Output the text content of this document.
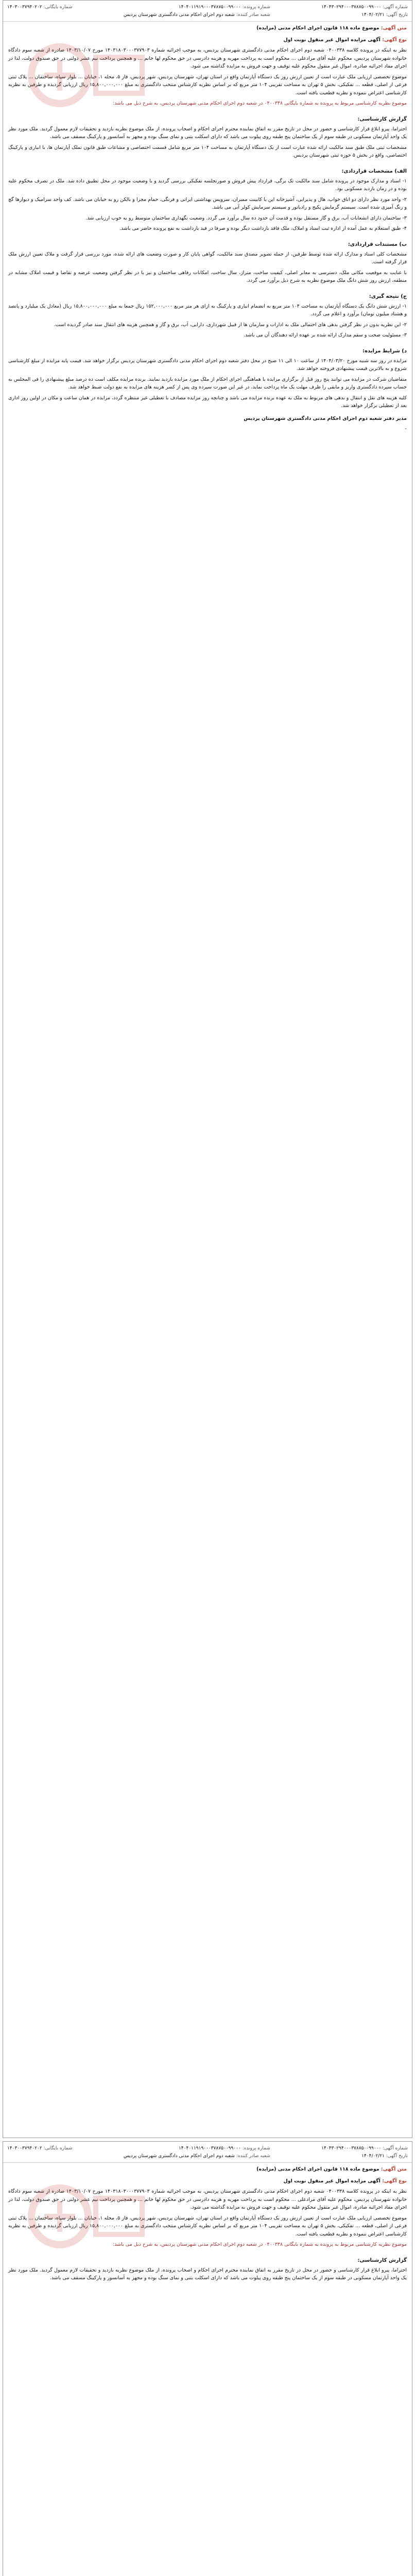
شماره آگهی: ۱۴۰۴۳۰۲۹۴۰۰۰۳۷۸۷۵۰۰۹۹۰۰۰
تاریخ آگهی: ۱۴۰۴/۰۲/۲۱
شماره پرونده: ۱۴۰۴۰۱۱۹۱۹۰۰۰۳۷۸۷۵۰۰۹۹۰۰۰
شعبه صادر کننده: شعبه دوم اجرای احکام مدنی دادگستری شهرستان پردیس
شماره بایگانی: ۱۴۰۳۰۰۳۷۹۴۰۲۰۲
متن آگهی: موضوع ماده ۱۱۸ قانون اجرای احکام مدنی (مزایده)
نوع آگهی: آگهی مزایده اموال غیر منقول نوبت اول

نظر به اینکه در پرونده کلاسه ۰۴۰۰۳۳۸ شعبه دوم اجرای احکام مدنی دادگستری شهرستان پردیس، به موجب اجرائیه شماره ۱۴۰۳۱۸۰۳۰۰۰۳۷۷۹۰۳ مورخ ۱۴۰۳/۱۰/۰۷ صادره از شعبه سوم دادگاه خانواده شهرستان پردیس، محکوم علیه آقای مرادعلی ... محکوم است به پرداخت مهریه و هزینه دادرسی در حق محکوم لها خانم ... و همچنین پرداخت نیم عشر دولتی در حق صندوق دولت، لذا در اجرای مفاد اجرائیه صادره، اموال غیر منقول محکوم علیه توقیف و جهت فروش به مزایده گذاشته می شود.

موضوع تخصصی ارزیابی ملک عبارت است از تعیین ارزش روز یک دستگاه آپارتمان واقع در استان تهران، شهرستان پردیس، شهر پردیس، فاز ۵، محله ۱، خیابان ... بلوار سپاه، ساختمان ... پلاک ثبتی فرعی از اصلی، قطعه ... تفکیکی، بخش ۵ تهران به مساحت تقریبی ۱۰۴ متر مربع که بر اساس نظریه کارشناس منتخب دادگستری به مبلغ ۱۵,۸۰۰,۰۰۰,۰۰۰ ریال ارزیابی گردیده و طرفین به نظریه کارشناسی اعتراض ننموده و نظریه قطعیت یافته است.

موضوع نظریه کارشناسی مربوط به پرونده به شماره بایگانی ۰۴۰۰۳۳۸ در شعبه دوم اجرای احکام مدنی شهرستان پردیس، به شرح ذیل می باشد:

گزارش کارشناسی:

احتراما، پیرو ابلاغ قرار کارشناسی و حضور در محل در تاریخ مقرر به اتفاق نماینده محترم اجرای احکام و اصحاب پرونده، از ملک موضوع نظریه بازدید و تحقیقات لازم معمول گردید. ملک مورد نظر یک واحد آپارتمان مسکونی در طبقه سوم از یک ساختمان پنج طبقه روی پیلوت می باشد که دارای اسکلت بتنی و نمای سنگ بوده و مجهز به آسانسور و پارکینگ مسقف می باشد.

مشخصات ثبتی ملک طبق سند مالکیت ارائه شده عبارت است از یک دستگاه آپارتمان به مساحت ۱۰۴ متر مربع شامل قسمت اختصاصی و مشاعات طبق قانون تملک آپارتمان ها، با انباری و پارکینگ اختصاصی، واقع در بخش ۵ حوزه ثبتی شهرستان پردیس.

الف) مشخصات قراردادی:

۱- اسناد و مدارک موجود در پرونده شامل سند مالکیت تک برگی، قرارداد پیش فروش و صورتجلسه تفکیکی بررسی گردید و با وضعیت موجود در محل تطبیق داده شد. ملک در تصرف محکوم علیه بوده و در زمان بازدید مسکونی بود.

۲- واحد مورد نظر دارای دو اتاق خواب، هال و پذیرایی، آشپزخانه اپن با کابینت ممبران، سرویس بهداشتی ایرانی و فرنگی، حمام مجزا و بالکن رو به خیابان می باشد. کف واحد سرامیک و دیوارها گچ و رنگ آمیزی شده است. سیستم گرمایش پکیج و رادیاتور و سیستم سرمایش کولر آبی می باشد.

۳- ساختمان دارای انشعابات آب، برق و گاز مستقل بوده و قدمت آن حدود ده سال برآورد می گردد. وضعیت نگهداری ساختمان متوسط رو به خوب ارزیابی شد.

۴- طبق استعلام به عمل آمده از اداره ثبت اسناد و املاک، ملک فاقد بازداشت دیگر بوده و صرفا در قید بازداشت به نفع پرونده حاضر می باشد.

ب) مستندات قراردادی:

مشخصات کلی اسناد و مدارک ارائه شده توسط طرفین، از جمله تصویر مصدق سند مالکیت، گواهی پایان کار و صورت وضعیت های ارائه شده، مورد بررسی قرار گرفت و ملاک تعیین ارزش ملک قرار گرفته است.

با عنایت به موقعیت مکانی ملک، دسترسی به معابر اصلی، کیفیت ساخت، متراژ، سال ساخت، امکانات رفاهی ساختمان و نیز با در نظر گرفتن وضعیت عرضه و تقاضا و قیمت املاک مشابه در منطقه، ارزش روز شش دانگ ملک موضوع نظریه به شرح ذیل برآورد می گردد.

ج) نتیجه گیری:

۱- ارزش شش دانگ یک دستگاه آپارتمان به مساحت ۱۰۴ متر مربع به انضمام انباری و پارکینگ به ازای هر متر مربع ۱۵۲,۰۰۰,۰۰۰ ریال جمعا به مبلغ ۱۵,۸۰۰,۰۰۰,۰۰۰ ریال (معادل یک میلیارد و پانصد و هشتاد میلیون تومان) برآورد و اعلام می گردد.

۲- این نظریه بدون در نظر گرفتن بدهی های احتمالی ملک به ادارات و سازمان ها از قبیل شهرداری، دارایی، آب، برق و گاز و همچنین هزینه های انتقال سند صادر گردیده است.

۳- مسئولیت صحت و سقم مدارک ارائه شده بر عهده ارائه دهندگان آن می باشد.

د) شرایط مزایده:

مزایده در روز سه شنبه مورخ ۱۴۰۴/۰۳/۲۰ از ساعت ۱۰ الی ۱۱ صبح در محل دفتر شعبه دوم اجرای احکام مدنی دادگستری شهرستان پردیس برگزار خواهد شد. قیمت پایه مزایده از مبلغ کارشناسی شروع و به بالاترین قیمت پیشنهادی فروخته خواهد شد.

متقاضیان شرکت در مزایده می توانند پنج روز قبل از برگزاری مزایده با هماهنگی اجرای احکام از ملک مورد مزایده بازدید نمایند. برنده مزایده مکلف است ده درصد مبلغ پیشنهادی را فی المجلس به حساب سپرده دادگستری واریز و مابقی را ظرف مهلت یک ماه پرداخت نماید، در غیر این صورت سپرده وی پس از کسر هزینه های مزایده به نفع دولت ضبط خواهد شد.

کلیه هزینه های نقل و انتقال و بدهی های مربوط به ملک به عهده برنده مزایده می باشد و چنانچه روز مزایده مصادف با تعطیلی غیر منتظره گردد، مزایده در همان ساعت و مکان در اولین روز اداری بعد از تعطیلی برگزار خواهد شد.

مدیر دفتر شعبه دوم اجرای احکام مدنی دادگستری شهرستان پردیس

-

شماره آگهی: ۱۴۰۴۳۰۲۹۴۰۰۰۳۷۸۷۵۰۰۹۹۰۰۰
تاریخ آگهی: ۱۴۰۴/۰۲/۲۱
شماره پرونده: ۱۴۰۴۰۱۱۹۱۹۰۰۰۳۷۸۷۵۰۰۹۹۰۰۰
شعبه صادر کننده: شعبه دوم اجرای احکام مدنی دادگستری شهرستان پردیس
شماره بایگانی: ۱۴۰۳۰۰۳۷۹۴۰۲۰۲
متن آگهی: موضوع ماده ۱۱۸ قانون اجرای احکام مدنی (مزایده)
نوع آگهی: آگهی مزایده اموال غیر منقول نوبت اول

نظر به اینکه در پرونده کلاسه ۰۴۰۰۳۳۸ شعبه دوم اجرای احکام مدنی دادگستری شهرستان پردیس، به موجب اجرائیه شماره ۱۴۰۳۱۸۰۳۰۰۰۳۷۷۹۰۳ مورخ ۱۴۰۳/۱۰/۰۷ صادره از شعبه سوم دادگاه خانواده شهرستان پردیس، محکوم علیه آقای مرادعلی ... محکوم است به پرداخت مهریه و هزینه دادرسی در حق محکوم لها خانم ... و همچنین پرداخت نیم عشر دولتی در حق صندوق دولت، لذا در اجرای مفاد اجرائیه صادره، اموال غیر منقول محکوم علیه توقیف و جهت فروش به مزایده گذاشته می شود.

موضوع تخصصی ارزیابی ملک عبارت است از تعیین ارزش روز یک دستگاه آپارتمان واقع در استان تهران، شهرستان پردیس، شهر پردیس، فاز ۵، محله ۱، خیابان ... بلوار سپاه، ساختمان ... پلاک ثبتی فرعی از اصلی، قطعه ... تفکیکی، بخش ۵ تهران به مساحت تقریبی ۱۰۴ متر مربع که بر اساس نظریه کارشناس منتخب دادگستری به مبلغ ۱۵,۸۰۰,۰۰۰,۰۰۰ ریال ارزیابی گردیده و طرفین به نظریه کارشناسی اعتراض ننموده و نظریه قطعیت یافته است.

موضوع نظریه کارشناسی مربوط به پرونده به شماره بایگانی ۰۴۰۰۳۳۸ در شعبه دوم اجرای احکام مدنی شهرستان پردیس، به شرح ذیل می باشد:

گزارش کارشناسی:

احتراما، پیرو ابلاغ قرار کارشناسی و حضور در محل در تاریخ مقرر به اتفاق نماینده محترم اجرای احکام و اصحاب پرونده، از ملک موضوع نظریه بازدید و تحقیقات لازم معمول گردید. ملک مورد نظر یک واحد آپارتمان مسکونی در طبقه سوم از یک ساختمان پنج طبقه روی پیلوت می باشد که دارای اسکلت بتنی و نمای سنگ بوده و مجهز به آسانسور و پارکینگ مسقف می باشد.
